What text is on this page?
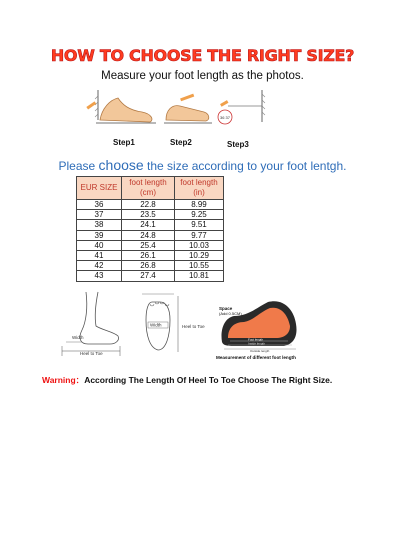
HOW TO CHOOSE THE RIGHT SIZE?
Measure your foot length as the photos.
36 37
Step1	Step2	Step3
Please choose the size according to your foot lentgh.
EUR SIZE	foot length (cm)	foot length (in)
36	22.8	8.99
37	23.5	9.25
38	24.1	9.51
39	24.8	9.77
40	25.4	10.03
41	26.1	10.29
42	26.8	10.55
43	27.4	10.81
Width
Heel to Toe
Width	Heel to Toe
Space
(Add 0.5CM)
Foot length
Inside length
Outside length
Measurement of different foot length
Warning：According The Length Of Heel To Toe Choose The Right Size.
